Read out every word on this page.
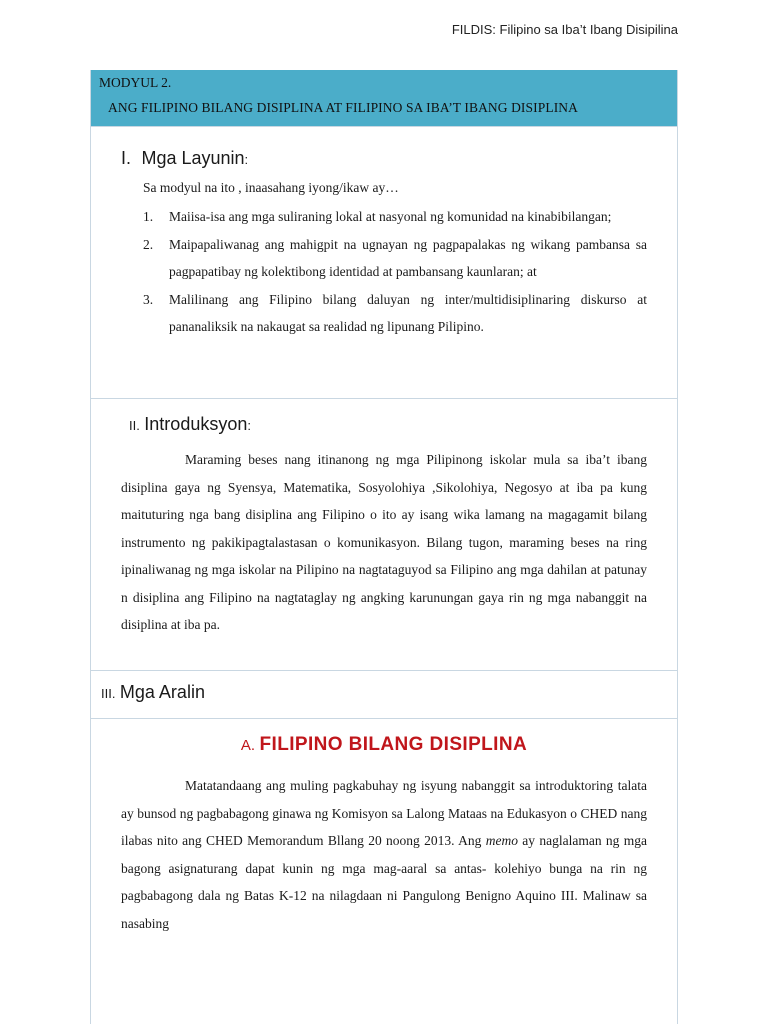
FILDIS: Filipino sa Iba’t Ibang Disipilina
MODYUL 2.
ANG FILIPINO BILANG DISIPLINA AT FILIPINO SA IBA’T IBANG DISIPLINA
I. Mga Layunin:
Sa modyul na ito , inaasahang iyong/ikaw ay…
1. Maiisa-isa ang mga suliraning lokal at nasyonal ng komunidad na kinabibilangan;
2. Maipapaliwanag ang mahigpit na ugnayan ng pagpapalakas ng wikang pambansa sa pagpapatibay ng kolektibong identidad at pambansang kaunlaran; at
3. Malilinang ang Filipino bilang daluyan ng inter/multidisiplinaring diskurso at pananaliksik na nakaugat sa realidad ng lipunang Pilipino.
II. Introduksyon:

Maraming beses nang itinanong ng mga Pilipinong iskolar mula sa iba’t ibang disiplina gaya ng Syensya, Matematika, Sosyolohiya ,Sikolohiya, Negosyo at iba pa kung maituturing nga bang disiplina ang Filipino o ito ay isang wika lamang na magagamit bilang instrumento ng pakikipagtalastasan o komunikasyon. Bilang tugon, maraming beses na ring ipinaliwanag ng mga iskolar na Pilipino na nagtataguyod sa Filipino ang mga dahilan at patunay n disiplina ang Filipino na nagtataglay ng angking karunungan gaya rin ng mga nabanggit na disiplina at iba pa.

III. Mga Aralin
A. FILIPINO BILANG DISIPLINA

Matatandaang ang muling pagkabuhay ng isyung nabanggit sa introduktoring talata ay bunsod ng pagbabagong ginawa ng Komisyon sa Lalong Mataas na Edukasyon o CHED nang ilabas nito ang CHED Memorandum Bllang 20 noong 2013. Ang memo ay naglalaman ng mga bagong asignaturang dapat kunin ng mga mag-aaral sa antas- kolehiyo bunga na rin ng pagbabagong dala ng Batas K-12 na nilagdaan ni Pangulong Benigno Aquino III. Malinaw sa nasabing
